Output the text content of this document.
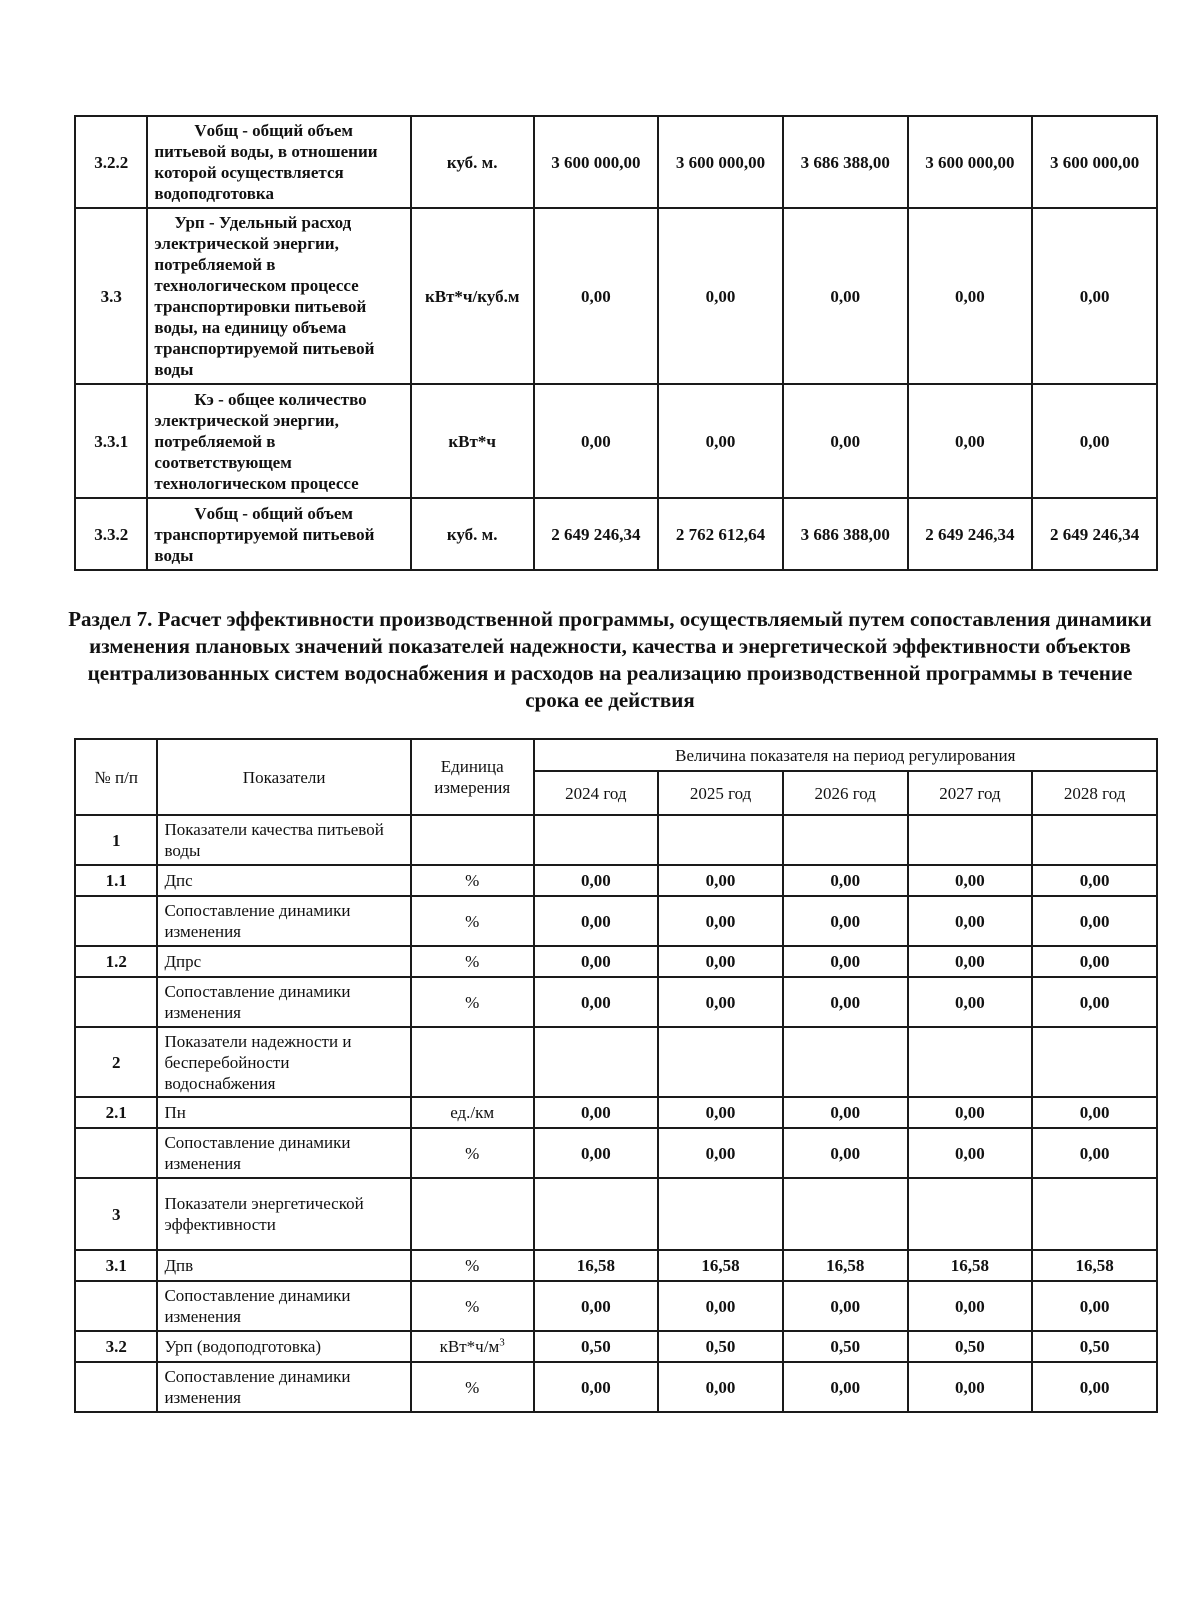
3.2.2	Vобщ - общий объем питьевой воды, в отношении которой осуществляется водоподготовка	куб. м.	3 600 000,00	3 600 000,00	3 686 388,00	3 600 000,00	3 600 000,00
3.3	Урп - Удельный расход электрической энергии, потребляемой в технологическом процессе транспортировки питьевой воды, на единицу объема транспортируемой питьевой воды	кВт*ч/куб.м	0,00	0,00	0,00	0,00	0,00
3.3.1	Кэ - общее количество электрической энергии, потребляемой в соответствующем технологическом процессе	кВт*ч	0,00	0,00	0,00	0,00	0,00
3.3.2	Vобщ - общий объем транспортируемой питьевой воды	куб. м.	2 649 246,34	2 762 612,64	3 686 388,00	2 649 246,34	2 649 246,34
Раздел 7. Расчет эффективности производственной программы, осуществляемый путем сопоставления динамики изменения плановых значений показателей надежности, качества и энергетической эффективности объектов централизованных систем водоснабжения и расходов на реализацию производственной программы в течение срока ее действия
№ п/п	Показатели	Единица измерения	Величина показателя на период регулирования				
			2024 год	2025 год	2026 год	2027 год	2028 год
1	Показатели качества питьевой воды						
1.1	Дпс	%	0,00	0,00	0,00	0,00	0,00
	Сопоставление динамики изменения	%	0,00	0,00	0,00	0,00	0,00
1.2	Дпрс	%	0,00	0,00	0,00	0,00	0,00
	Сопоставление динамики изменения	%	0,00	0,00	0,00	0,00	0,00
2	Показатели надежности и бесперебойности водоснабжения						
2.1	Пн	ед./км	0,00	0,00	0,00	0,00	0,00
	Сопоставление динамики изменения	%	0,00	0,00	0,00	0,00	0,00
3	Показатели энергетической эффективности						
3.1	Дпв	%	16,58	16,58	16,58	16,58	16,58
	Сопоставление динамики изменения	%	0,00	0,00	0,00	0,00	0,00
3.2	Урп (водоподготовка)	$кВт*ч/м^3$	0,50	0,50	0,50	0,50	0,50
	Сопоставление динамики изменения	%	0,00	0,00	0,00	0,00	0,00
